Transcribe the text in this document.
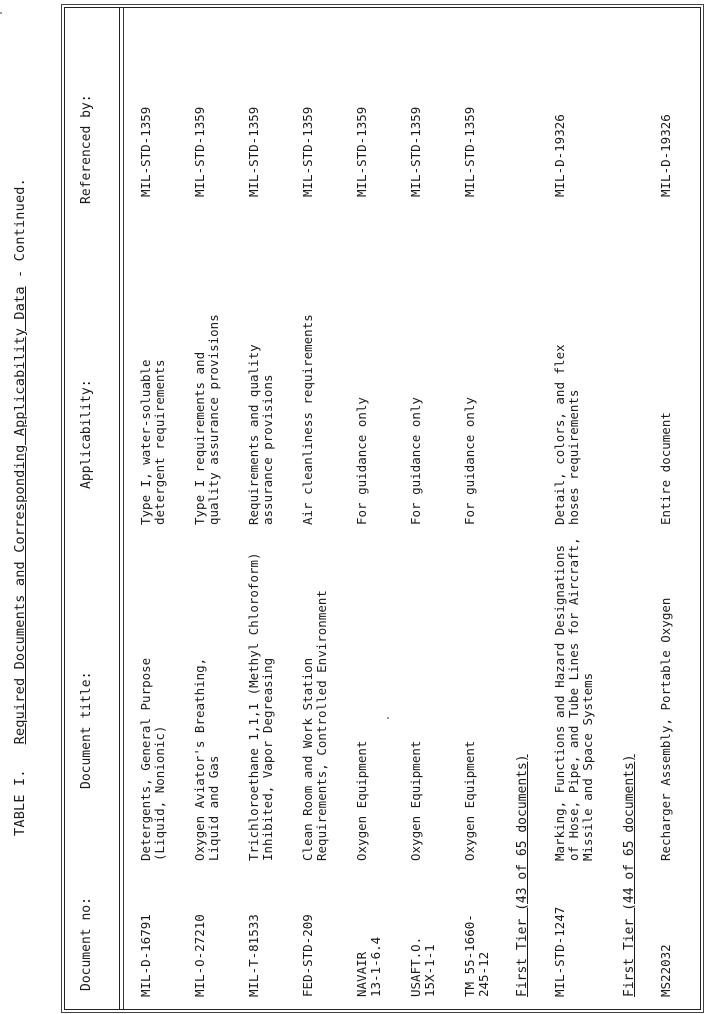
TABLE I.   Required Documents and Corresponding Applicability Data - Continued.
Document no:
Document title:
Applicability:
Referenced by:
MIL-D-16791
Detergents, General Purpose
(Liquid, Nonionic)
Type I, water-soluable
detergent requirements
MIL-STD-1359
MIL-O-27210
Oxygen Aviator's Breathing,
Liquid and Gas
Type I requirements and
quality assurance provisions
MIL-STD-1359
MIL-T-81533
Trichloroethane 1,1,1 (Methyl Chloroform)
Inhibited, Vapor Degreasing
Requirements and quality
assurance provisions
MIL-STD-1359
FED-STD-209
Clean Room and Work Station
Requirements, Controlled Environment
Air cleanliness requirements
MIL-STD-1359
NAVAIR
13-1-6.4
Oxygen Equipment
For guidance only
MIL-STD-1359
USAFT.O.
15X-1-1
Oxygen Equipment
For guidance only
MIL-STD-1359
TM 55-1660-
245-12
Oxygen Equipment
For guidance only
MIL-STD-1359
First Tier (43 of 65 documents) MIL-STD-1247
Marking, Functions and Hazard Designations
of Hose, Pipe, and Tube Lines for Aircraft,
Missile and Space Systems
Detail, colors, and flex
hoses requirements
MIL-D-19326
First Tier (44 of 65 documents) MS22032
Recharger Assembly, Portable Oxygen
Entire document
MIL-D-19326
